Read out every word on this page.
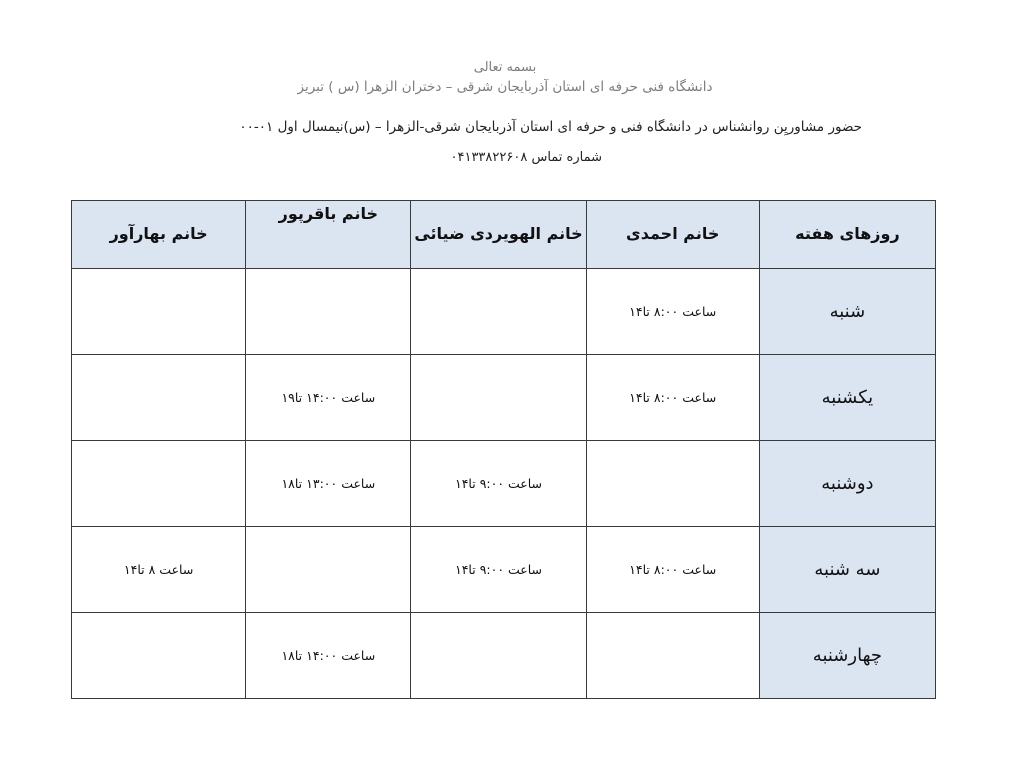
بسمه تعالی
دانشگاه فنی حرفه ای استان آذربایجان شرقی – دختران الزهرا (س ) تبریز
حضور مشاوریِن روانشناس در دانشگاه فنی و حرفه ای استان آذربایجان شرقی-الزهرا – (س)نیمسال اول ۰۱-۰۰
شماره تماس ۰۴۱۳۳۸۲۲۶۰۸
روزهای هفته	خانم احمدی	خانم الهویردی ضیائی	خانم باقرپور	خانم بهارآور
شنبه	ساعت ۸:۰۰ تا۱۴			
یکشنبه	ساعت ۸:۰۰ تا۱۴		ساعت ۱۴:۰۰ تا۱۹	
دوشنبه		ساعت ۹:۰۰ تا۱۴	ساعت ۱۳:۰۰ تا۱۸	
سه شنبه	ساعت ۸:۰۰ تا۱۴	ساعت ۹:۰۰ تا۱۴		ساعت ۸ تا۱۴
چهارشنبه			ساعت ۱۴:۰۰ تا۱۸	
